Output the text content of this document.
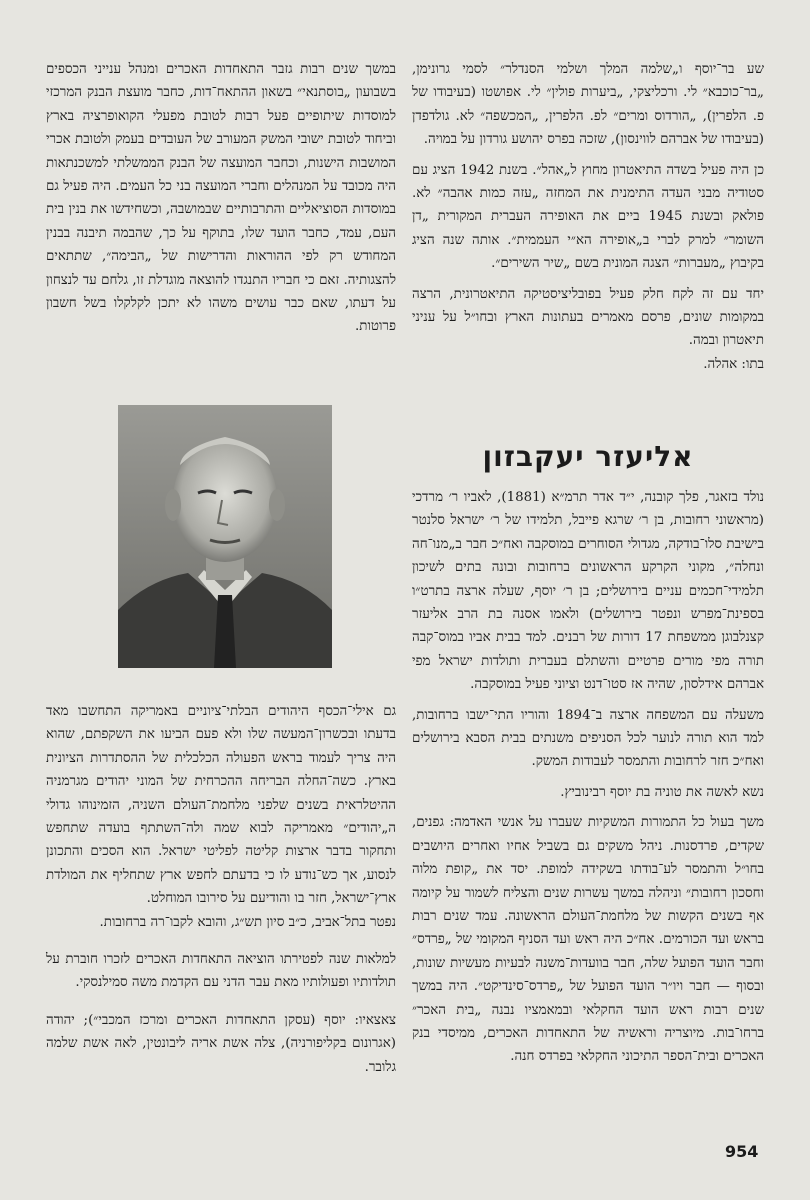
שע בר־יוסף ו„שלמה המלך ושלמי הסנדלר״ לסמי גרונימן, „בר־כוכבא״ לי. ורכליצקי, „ביערות פולין״ לי. אפושטו (בעיבודו של פ. הלפרין), „הורדוס ומרים״ לפ. הלפרין, „המכשפה״ לא. גולדפדן (בעיבודו של אברהם לווינסון), שזכה בפרס יהושע גורדון על במויה.

כן היה פעיל בשדה התיאטרון מחוץ ל„אהל״. בשנת 1942 הציג עם סטודיה מבני העדה התימנית את המחזה „עזה כמות אהבה״ לא. פולאק ובשנת 1945 ביים את האופירה העברית המקורית „דן השומר״ למרק לברי ב„אופירה הא״י העממית״. אותה שנה הציג בקיבוץ „מעברות״ הצגה המונית בשם „שיר השירים״.

יחד עם זה לקח חלק פעיל בפובליציסטיקה התיאטרונית, הרצה במקומות שונים, פרסם מאמרים בעתונות הארץ ובחו״ל על עניני תיאטרון ובמה.

בתו: אהלה.

אליעזר יעקבזון

נולד בזאגר, פלך קובנה, י״ד אדר תרמ״א (1881), לאביו ר׳ מרדכי (מראשוני רחובות, בן ר׳ שרגא פייבל, תלמידו של ר׳ ישראל סלנטר בישיבת סלו־בודקה, מגדולי הסוחרים במוסקבה ואח״כ חבר ב„מנו־חה ונחלה״, מקוני הקרקע הראשונים ברחובות ובונה בתים לשיכון תלמידי־חכמים עניים בירושלים; בן ר׳ יוסף, שעלה ארצה בתרט״ו בספינת־מפרש ונפטר בירושלים) ולאמו אסנה בת הרב אליעזר קצנלבוגן ממשפחת 17 דורות של רבנים. למד בבית אביו במוס־קבה תורה מפי מורים פרטיים והשתלם בעברית ותולדות ישראל מפי אברהם אידלסון, שהיה אז סטו־דנט וציוני פעיל במוסקבה.

משעלה עם המשפחה ארצה ב־1894 והוריו התי־ישבו ברחובות, למד הוא תורה לנוער לכל הסניפים משנתים בבית הסבא בירושלים ואח״כ חזר לרחובות והתמסר לעבודות המשק.

נשא לאשה את טוניה בת יוסף רבינוביץ.

משך בעול כל התמורות המשקיות שעברו על אנשי האדמה: גפנים, שקדים, פרדסנות. ניהל משקים גם בשביל אחיו ואחרים היושבים בחו״ל והתמסר לע־בודתו בשקידה למופת. יסד את „קופת מלוה וחסכון רחובות״ וניהלה במשך עשרות שנים והצליח לשמור על קיומה אף בשנים הקשות של מלחמת־העולם הראשונה. עמד שנים רבות בראש ועד הכורמים. אח״כ היה ראש ועד הסניף המקומי של „פרדס״ וחבר הועד הפועל שלה, חבר בוועדות־משנה לבעיות מעשיות שונות, ובסוף — חבר ויו״ר הועד הפועל של „פרדס־סינדיקט״. היה במשך שנים רבות ראש הועד החקלאי ובמאמציו נבנה „בית האכר״ ברחו־בות. מיוצריה וראשיה של התאחדות האכרים, ממיסדי בנק האכרים ובית־הספר התיכוני החקלאי בפרדס חנה.

במשך שנים רבות גזבר התאחדות האכרים ומנהל ענייני הכספים בשבועון „בוסתנאי״ בשאון ההתאח־דות, כחבר מועצת הבנק המרכזי למוסדות שיתופיים פעל רבות לטובת מפעלי הקואופרציה בארץ וביחוד לטובת ישובי המשק המעורב של העובדים בעמק ולטובת אכרי המושבות הישנות, וכחבר המועצה של הבנק הממשלתי למשכנתאות היה מכובד על המנהלים וחברי המועצה בני כל העמים. היה פעיל גם במוסדות הסוציאליים והתרבותיים שבמושבה, וכשחידשו את בנין בית העם, עמד, כחבר הועד שלו, בתוקף על כך, שהבמה תיבנה בבנין המחודש רק לפי ההוראות והדרישות של „הבימה״, שתתאים להצגותיה. זאם כי חבריו התנגדו להוצאה מוגדלת זו, גלחם עד לנצחון על דעתו, שאם כבר עושים משהו לא יתכן לקלקלו בשל חשבון פרוטות.

גם אילי־הכסף היהודים הבלתי־ציוניים באמריקה התחשבו מאד בדעתו ובכשרון־המעשה שלו ולא פעם הביעו את השקפתם, שהוא היה צריך לעמוד בראש הפעולה הכלכלית של ההסתדרות הציונית בארץ. כשה־החלה הבריחה ההכרחית של המוני יהודים מגרמניה ההיטלראית בשנים שלפני מלחמת־העולם השניה, הזמינוהו גדולי ה„יהודים״ מאמריקה לבוא שמה ולה־השתתף בועדה שתחפש ותחקור בדבר ארצות קליטה לפליטי ישראל. הוא הסכים והתכונן לנסוע, אך כש־נודע לו כי בדעתם לחפש ארץ שתחליף את המולדת ארץ־ישראל, חזר בו והודיעם על סירובו המוחלט.

נפטר בתל־אביב, כ״ב סיון תש״ג, והובא לקבו־רה ברחובות.

למלאות שנה לפטירתו הוציאה התאחדות האכרים לזכרו חוברת על תולדותיו ופעולותיו מאת עבר הדני עם הקדמת משה סמילנסקי.

צאצאיו: יוסף (עסקן התאחדות האכרים ומרכז המכבי״); יהודה (אגרונום בקליפורניה), צלה אשת אריה ליבונטין, לאה אשת שלמה גלובר.

954
